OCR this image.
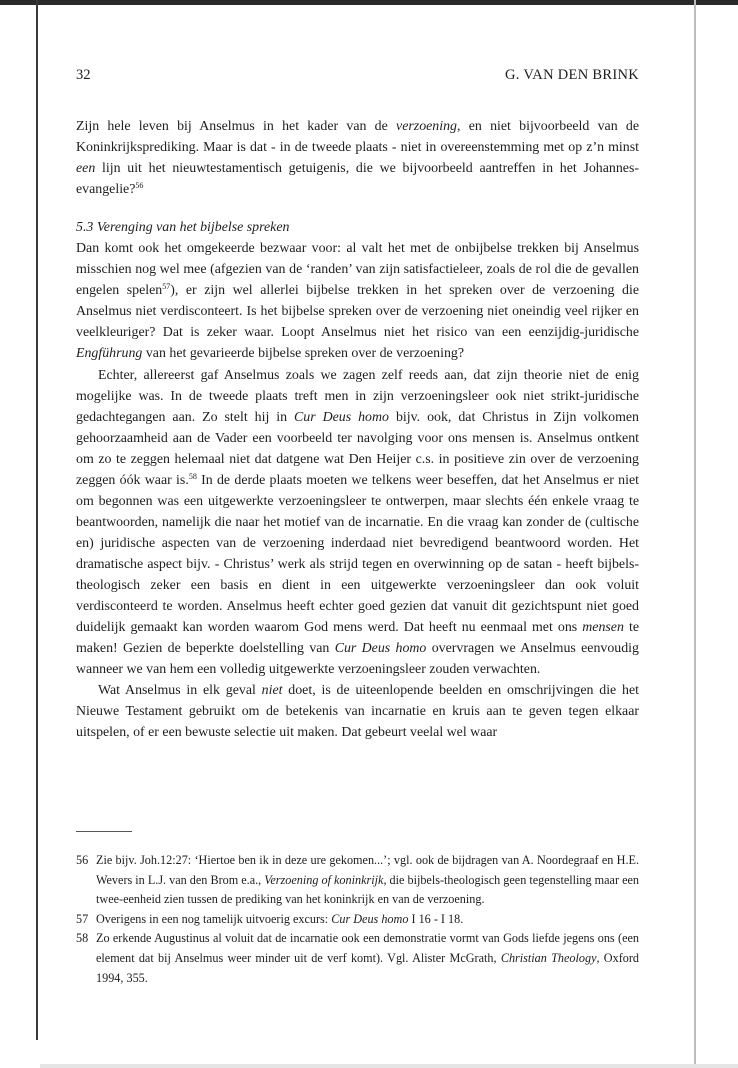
32	G. VAN DEN BRINK

Zijn hele leven bij Anselmus in het kader van de verzoening, en niet bijvoorbeeld van de Koninkrijksprediking. Maar is dat - in de tweede plaats - niet in overeenstemming met op z’n minst een lijn uit het nieuwtestamentisch getuigenis, die we bijvoorbeeld aantreffen in het Johannes-evangelie?$^{56}$

5.3 Verenging van het bijbelse spreken

Dan komt ook het omgekeerde bezwaar voor: al valt het met de onbijbelse trekken bij Anselmus misschien nog wel mee (afgezien van de ‘randen’ van zijn satisfactieleer, zoals de rol die de gevallen engelen spelen$^{57}$), er zijn wel allerlei bijbelse trekken in het spreken over de verzoening die Anselmus niet verdisconteert. Is het bijbelse spreken over de verzoening niet oneindig veel rijker en veelkleuriger? Dat is zeker waar. Loopt Anselmus niet het risico van een eenzijdig-juridische Engführung van het gevarieerde bijbelse spreken over de verzoening?

Echter, allereerst gaf Anselmus zoals we zagen zelf reeds aan, dat zijn theorie niet de enig mogelijke was. In de tweede plaats treft men in zijn verzoeningsleer ook niet strikt-juridische gedachtegangen aan. Zo stelt hij in Cur Deus homo bijv. ook, dat Christus in Zijn volkomen gehoorzaamheid aan de Vader een voorbeeld ter navolging voor ons mensen is. Anselmus ontkent om zo te zeggen helemaal niet dat datgene wat Den Heijer c.s. in positieve zin over de verzoening zeggen óók waar is.$^{58}$ In de derde plaats moeten we telkens weer beseffen, dat het Anselmus er niet om begonnen was een uitgewerkte verzoeningsleer te ontwerpen, maar slechts één enkele vraag te beantwoorden, namelijk die naar het motief van de incarnatie. En die vraag kan zonder de (cultische en) juridische aspecten van de verzoening inderdaad niet bevredigend beantwoord worden. Het dramatische aspect bijv. - Christus’ werk als strijd tegen en overwinning op de satan - heeft bijbels-theologisch zeker een basis en dient in een uitgewerkte verzoeningsleer dan ook voluit verdisconteerd te worden. Anselmus heeft echter goed gezien dat vanuit dit gezichtspunt niet goed duidelijk gemaakt kan worden waarom God mens werd. Dat heeft nu eenmaal met ons mensen te maken! Gezien de beperkte doelstelling van Cur Deus homo overvragen we Anselmus eenvoudig wanneer we van hem een volledig uitgewerkte verzoeningsleer zouden verwachten.

Wat Anselmus in elk geval niet doet, is de uiteenlopende beelden en omschrijvingen die het Nieuwe Testament gebruikt om de betekenis van incarnatie en kruis aan te geven tegen elkaar uitspelen, of er een bewuste selectie uit maken. Dat gebeurt veelal wel waar

56 Zie bijv. Joh.12:27: ‘Hiertoe ben ik in deze ure gekomen...’; vgl. ook de bijdragen van A. Noordegraaf en H.E. Wevers in L.J. van den Brom e.a., Verzoening of koninkrijk, die bijbels-theologisch geen tegenstelling maar een twee-eenheid zien tussen de prediking van het koninkrijk en van de verzoening.
57 Overigens in een nog tamelijk uitvoerig excurs: Cur Deus homo I 16 - I 18.
58 Zo erkende Augustinus al voluit dat de incarnatie ook een demonstratie vormt van Gods liefde jegens ons (een element dat bij Anselmus weer minder uit de verf komt). Vgl. Alister McGrath, Christian Theology, Oxford 1994, 355.
